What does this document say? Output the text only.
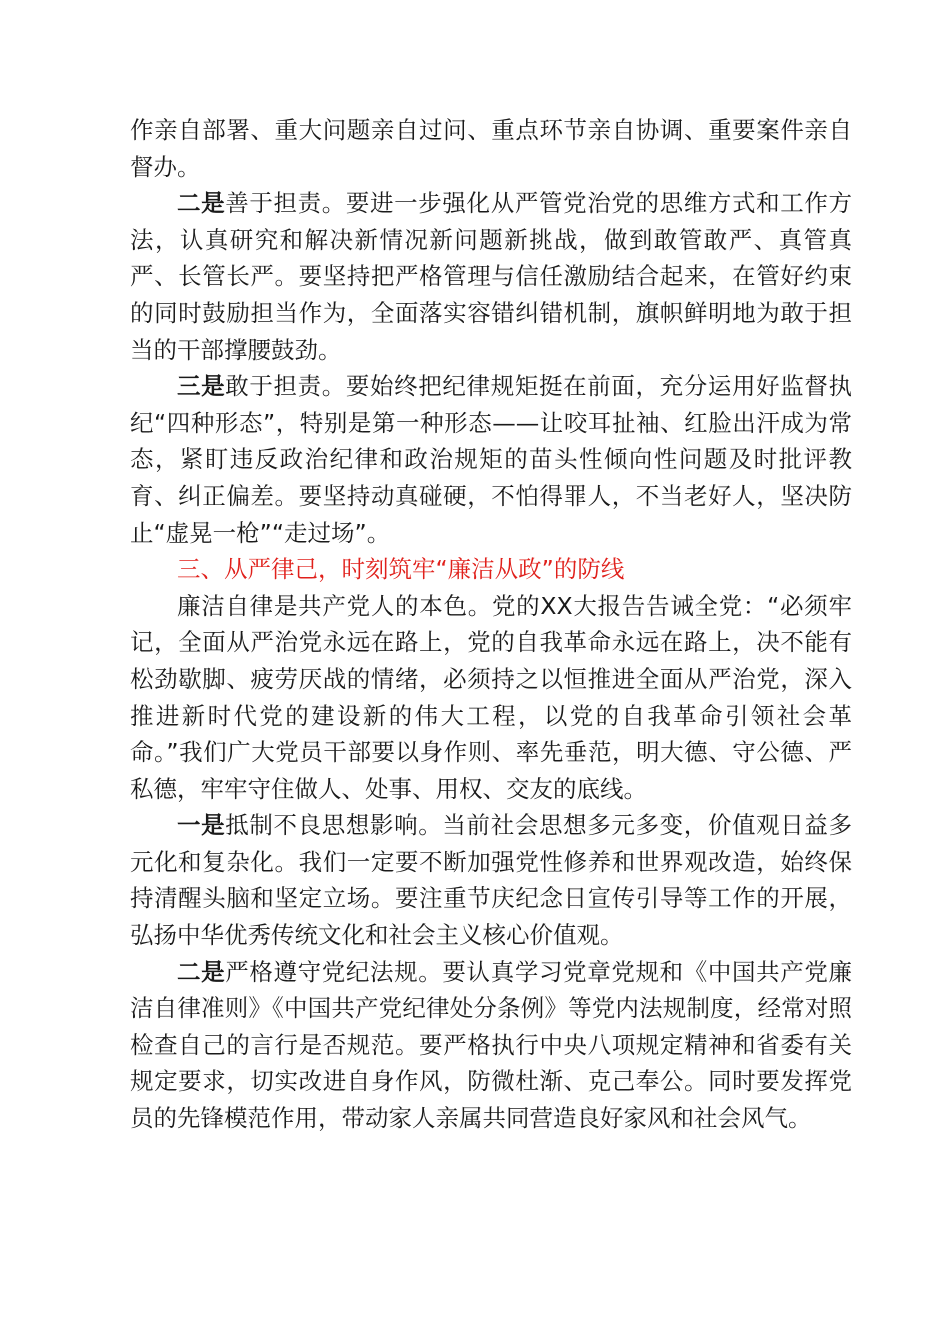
作亲自部署、重大问题亲自过问、重点环节亲自协调、重要案件亲自督办。

二是善于担责。要进一步强化从严管党治党的思维方式和工作方法，认真研究和解决新情况新问题新挑战，做到敢管敢严、真管真严、长管长严。要坚持把严格管理与信任激励结合起来，在管好约束的同时鼓励担当作为，全面落实容错纠错机制，旗帜鲜明地为敢于担当的干部撑腰鼓劲。

三是敢于担责。要始终把纪律规矩挺在前面，充分运用好监督执纪“四种形态”，特别是第一种形态——让咬耳扯袖、红脸出汗成为常态，紧盯违反政治纪律和政治规矩的苗头性倾向性问题及时批评教育、纠正偏差。要坚持动真碰硬，不怕得罪人，不当老好人，坚决防止“虚晃一枪”“走过场”。

三、从严律己，时刻筑牢“廉洁从政”的防线

廉洁自律是共产党人的本色。党的XX大报告告诫全党：“必须牢记，全面从严治党永远在路上，党的自我革命永远在路上，决不能有松劲歇脚、疲劳厌战的情绪，必须持之以恒推进全面从严治党，深入推进新时代党的建设新的伟大工程，以党的自我革命引领社会革命。”我们广大党员干部要以身作则、率先垂范，明大德、守公德、严私德，牢牢守住做人、处事、用权、交友的底线。

一是抵制不良思想影响。当前社会思想多元多变，价值观日益多元化和复杂化。我们一定要不断加强党性修养和世界观改造，始终保持清醒头脑和坚定立场。要注重节庆纪念日宣传引导等工作的开展，弘扬中华优秀传统文化和社会主义核心价值观。

二是严格遵守党纪法规。要认真学习党章党规和《中国共产党廉洁自律准则》《中国共产党纪律处分条例》等党内法规制度，经常对照检查自己的言行是否规范。要严格执行中央八项规定精神和省委有关规定要求，切实改进自身作风，防微杜渐、克己奉公。同时要发挥党员的先锋模范作用，带动家人亲属共同营造良好家风和社会风气。
